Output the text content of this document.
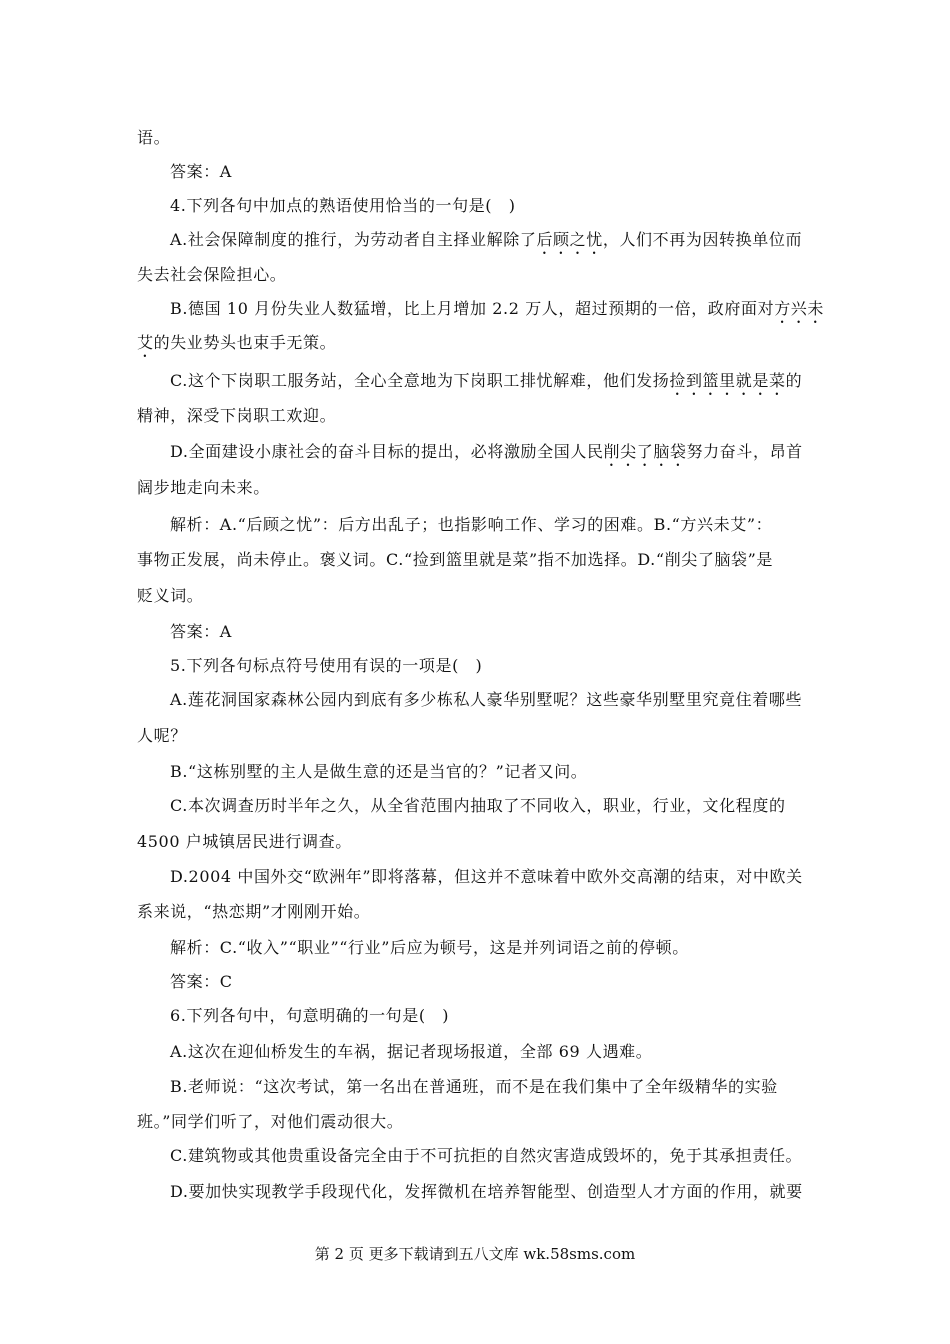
语。
答案：A
4.下列各句中加点的熟语使用恰当的一句是(　)
A.社会保障制度的推行，为劳动者自主择业解除了后顾之忧，人们不再为因转换单位而
失去社会保险担心。
B.德国 10 月份失业人数猛增，比上月增加 2.2 万人，超过预期的一倍，政府面对方兴未
艾的失业势头也束手无策。
C.这个下岗职工服务站，全心全意地为下岗职工排忧解难，他们发扬捡到篮里就是菜的
精神，深受下岗职工欢迎。
D.全面建设小康社会的奋斗目标的提出，必将激励全国人民削尖了脑袋努力奋斗，昂首
阔步地走向未来。
解析：A.“后顾之忧”：后方出乱子；也指影响工作、学习的困难。B.“方兴未艾”：
事物正发展，尚未停止。褒义词。C.“捡到篮里就是菜”指不加选择。D.“削尖了脑袋”是
贬义词。
答案：A
5.下列各句标点符号使用有误的一项是(　)
A.莲花洞国家森林公园内到底有多少栋私人豪华别墅呢？这些豪华别墅里究竟住着哪些
人呢？
B.“这栋别墅的主人是做生意的还是当官的？”记者又问。
C.本次调查历时半年之久，从全省范围内抽取了不同收入，职业，行业，文化程度的
4500 户城镇居民进行调查。
D.2004 中国外交“欧洲年”即将落幕，但这并不意味着中欧外交高潮的结束，对中欧关
系来说，“热恋期”才刚刚开始。
解析：C.“收入”“职业”“行业”后应为顿号，这是并列词语之前的停顿。
答案：C
6.下列各句中，句意明确的一句是(　)
A.这次在迎仙桥发生的车祸，据记者现场报道，全部 69 人遇难。
B.老师说：“这次考试，第一名出在普通班，而不是在我们集中了全年级精华的实验
班。”同学们听了，对他们震动很大。
C.建筑物或其他贵重设备完全由于不可抗拒的自然灾害造成毁坏的，免于其承担责任。
D.要加快实现教学手段现代化，发挥微机在培养智能型、创造型人才方面的作用，就要
第 2 页 更多下载请到五八文库 wk.58sms.com
